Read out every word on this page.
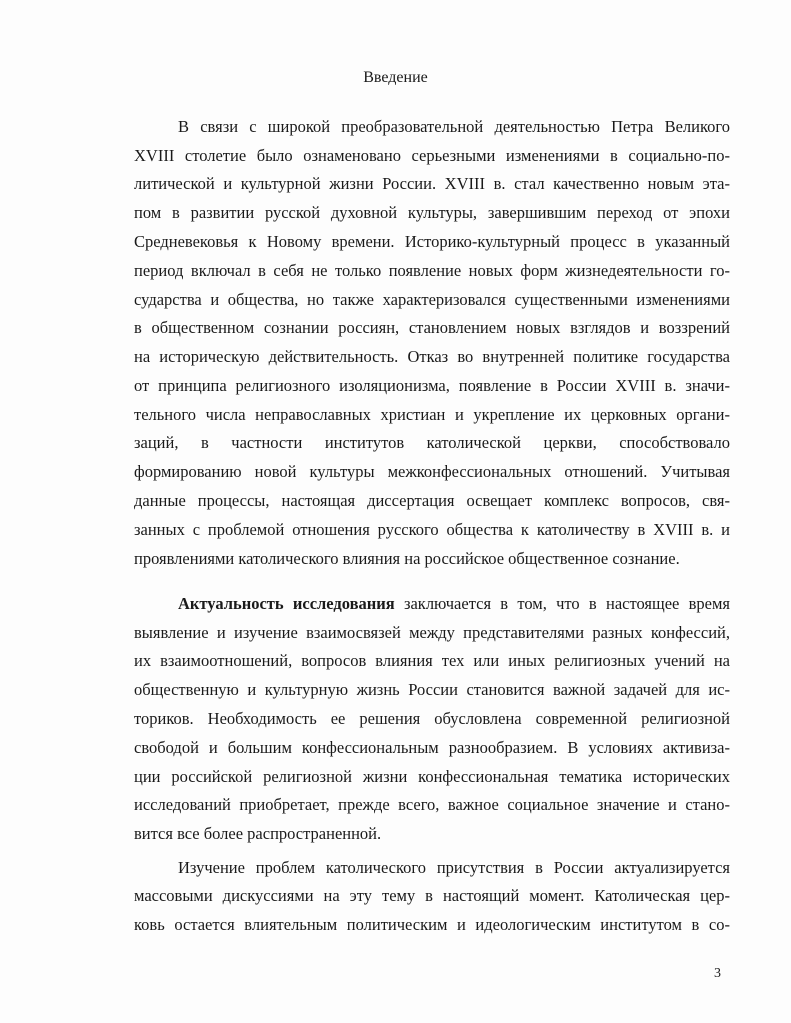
Введение
В связи с широкой преобразовательной деятельностью Петра Великого
XVIII столетие было ознаменовано серьезными изменениями в социально-по-
литической и культурной жизни России. XVIII в. стал качественно новым эта-
пом в развитии русской духовной культуры, завершившим переход от эпохи
Средневековья к Новому времени. Историко-культурный процесс в указанный
период включал в себя не только появление новых форм жизнедеятельности го-
сударства и общества, но также характеризовался существенными изменениями
в общественном сознании россиян, становлением новых взглядов и воззрений
на историческую действительность. Отказ во внутренней политике государства
от принципа религиозного изоляционизма, появление в России XVIII в. значи-
тельного числа неправославных христиан и укрепление их церковных органи-
заций, в частности институтов католической церкви, способствовало
формированию новой культуры межконфессиональных отношений. Учитывая
данные процессы, настоящая диссертация освещает комплекс вопросов, свя-
занных с проблемой отношения русского общества к католичеству в XVIII в. и
проявлениями католического влияния на российское общественное сознание.
Актуальность исследования заключается в том, что в настоящее время
выявление и изучение взаимосвязей между представителями разных конфессий,
их взаимоотношений, вопросов влияния тех или иных религиозных учений на
общественную и культурную жизнь России становится важной задачей для ис-
ториков. Необходимость ее решения обусловлена современной религиозной
свободой и большим конфессиональным разнообразием. В условиях активиза-
ции российской религиозной жизни конфессиональная тематика исторических
исследований приобретает, прежде всего, важное социальное значение и стано-
вится все более распространенной.
Изучение проблем католического присутствия в России актуализируется
массовыми дискуссиями на эту тему в настоящий момент. Католическая цер-
ковь остается влиятельным политическим и идеологическим институтом в со-
3
